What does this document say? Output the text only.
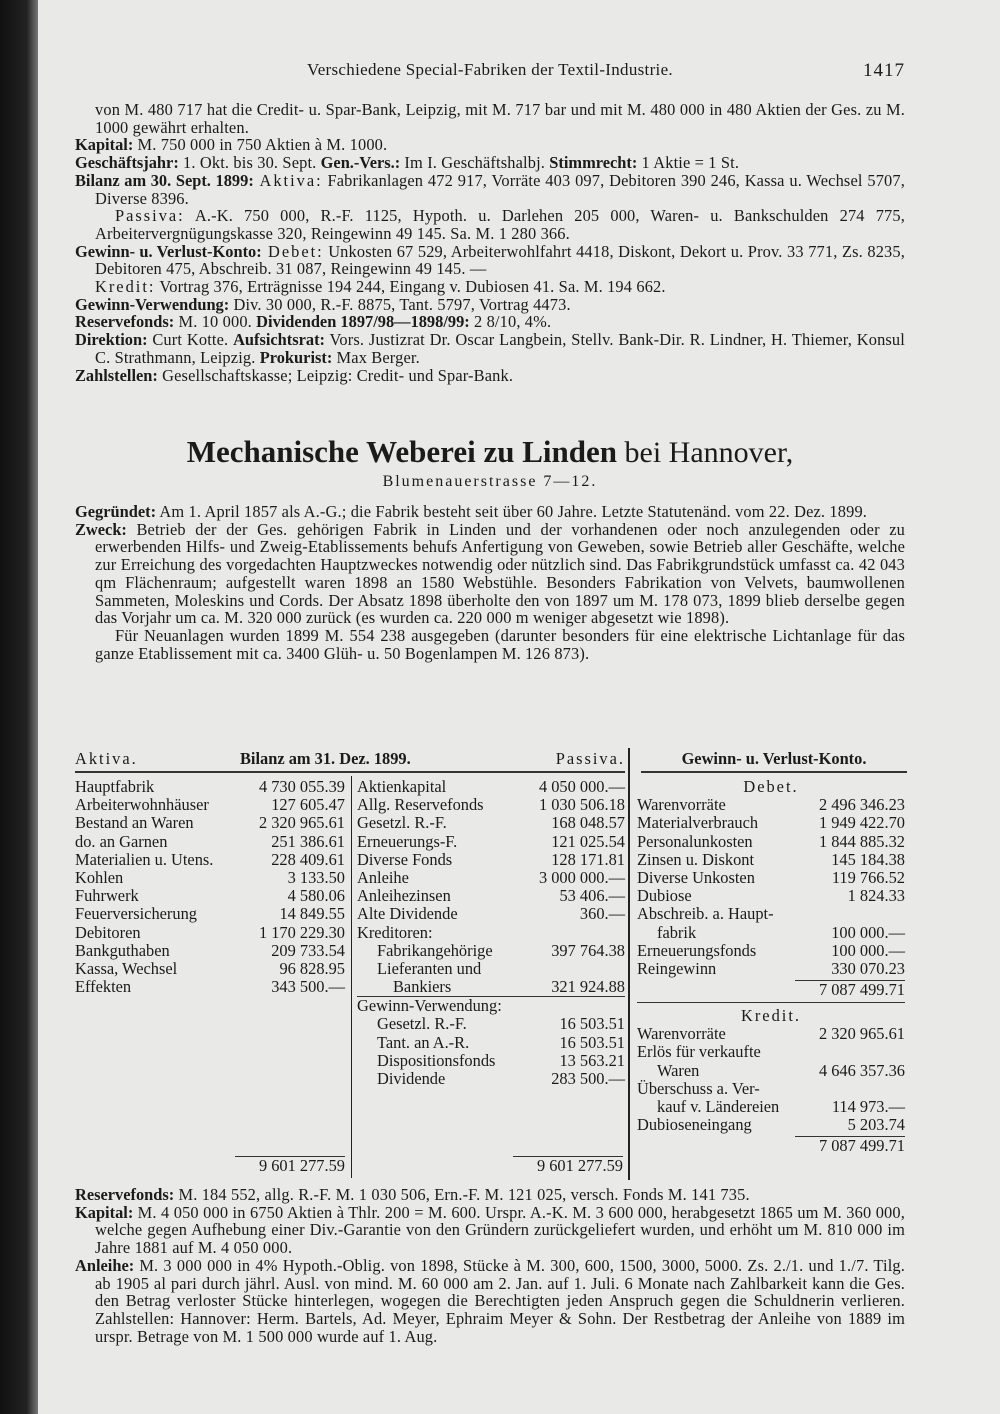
Verschiedene Special-Fabriken der Textil-Industrie.	1417

von M. 480 717 hat die Credit- u. Spar-Bank, Leipzig, mit M. 717 bar und mit M. 480 000 in 480 Aktien der Ges. zu M. 1000 gewährt erhalten.

Kapital: M. 750 000 in 750 Aktien à M. 1000.

Geschäftsjahr: 1. Okt. bis 30. Sept. Gen.-Vers.: Im I. Geschäftshalbj. Stimmrecht: 1 Aktie = 1 St.

Bilanz am 30. Sept. 1899: Aktiva: Fabrikanlagen 472 917, Vorräte 403 097, Debitoren 390 246, Kassa u. Wechsel 5707, Diverse 8396.

Passiva: A.-K. 750 000, R.-F. 1125, Hypoth. u. Darlehen 205 000, Waren- u. Bankschulden 274 775, Arbeitervergnügungskasse 320, Reingewinn 49 145. Sa. M. 1 280 366.

Gewinn- u. Verlust-Konto: Debet: Unkosten 67 529, Arbeiterwohlfahrt 4418, Diskont, Dekort u. Prov. 33 771, Zs. 8235, Debitoren 475, Abschreib. 31 087, Reingewinn 49 145. —

Kredit: Vortrag 376, Erträgnisse 194 244, Eingang v. Dubiosen 41. Sa. M. 194 662.

Gewinn-Verwendung: Div. 30 000, R.-F. 8875, Tant. 5797, Vortrag 4473.

Reservefonds: M. 10 000. Dividenden 1897/98—1898/99: 2 8/10, 4%.

Direktion: Curt Kotte. Aufsichtsrat: Vors. Justizrat Dr. Oscar Langbein, Stellv. Bank-Dir. R. Lindner, H. Thiemer, Konsul C. Strathmann, Leipzig. Prokurist: Max Berger.

Zahlstellen: Gesellschaftskasse; Leipzig: Credit- und Spar-Bank.

Mechanische Weberei zu Linden bei Hannover,
Blumenauerstrasse 7—12.

Gegründet: Am 1. April 1857 als A.-G.; die Fabrik besteht seit über 60 Jahre. Letzte Statutenänd. vom 22. Dez. 1899.

Zweck: Betrieb der der Ges. gehörigen Fabrik in Linden und der vorhandenen oder noch anzulegenden oder zu erwerbenden Hilfs- und Zweig-Etablissements behufs Anfertigung von Geweben, sowie Betrieb aller Geschäfte, welche zur Erreichung des vorgedachten Hauptzweckes notwendig oder nützlich sind. Das Fabrikgrundstück umfasst ca. 42 043 qm Flächenraum; aufgestellt waren 1898 an 1580 Webstühle. Besonders Fabrikation von Velvets, baumwollenen Sammeten, Moleskins und Cords. Der Absatz 1898 überholte den von 1897 um M. 178 073, 1899 blieb derselbe gegen das Vorjahr um ca. M. 320 000 zurück (es wurden ca. 220 000 m weniger abgesetzt wie 1898).

Für Neuanlagen wurden 1899 M. 554 238 ausgegeben (darunter besonders für eine elektrische Lichtanlage für das ganze Etablissement mit ca. 3400 Glüh- u. 50 Bogenlampen M. 126 873).

Aktiva.	Bilanz am 31. Dez. 1899.	Passiva.	Gewinn- u. Verlust-Konto.
Hauptfabrik	4 730 055.39
Arbeiterwohnhäuser	127 605.47
Bestand an Waren	2 320 965.61
do. an Garnen	251 386.61
Materialien u. Utens.	228 409.61
Kohlen	3 133.50
Fuhrwerk	4 580.06
Feuerversicherung	14 849.55
Debitoren	1 170 229.30
Bankguthaben	209 733.54
Kassa, Wechsel	96 828.95
Effekten	343 500.—
Aktienkapital	4 050 000.—
Allg. Reservefonds	1 030 506.18
Gesetzl. R.-F.	168 048.57
Erneuerungs-F.	121 025.54
Diverse Fonds	128 171.81
Anleihe	3 000 000.—
Anleihezinsen	53 406.—
Alte Dividende	360.—
Kreditoren:
Fabrikangehörige	397 764.38
Lieferanten und
Bankiers	321 924.88
Gewinn-Verwendung:
Gesetzl. R.-F.	16 503.51
Tant. an A.-R.	16 503.51
Dispositionsfonds	13 563.21
Dividende	283 500.—
Debet.
Warenvorräte	2 496 346.23
Materialverbrauch	1 949 422.70
Personalunkosten	1 844 885.32
Zinsen u. Diskont	145 184.38
Diverse Unkosten	119 766.52
Dubiose	1 824.33
Abschreib. a. Haupt-
fabrik	100 000.—
Erneuerungsfonds	100 000.—
Reingewinn	330 070.23
7 087 499.71
Kredit.
Warenvorräte	2 320 965.61
Erlös für verkaufte
Waren	4 646 357.36
Überschuss a. Ver-
kauf v. Ländereien	114 973.—
Dubioseneingang	5 203.74
7 087 499.71
9 601 277.59	9 601 277.59

Reservefonds: M. 184 552, allg. R.-F. M. 1 030 506, Ern.-F. M. 121 025, versch. Fonds M. 141 735.

Kapital: M. 4 050 000 in 6750 Aktien à Thlr. 200 = M. 600. Urspr. A.-K. M. 3 600 000, herabgesetzt 1865 um M. 360 000, welche gegen Aufhebung einer Div.-Garantie von den Gründern zurückgeliefert wurden, und erhöht um M. 810 000 im Jahre 1881 auf M. 4 050 000.

Anleihe: M. 3 000 000 in 4% Hypoth.-Oblig. von 1898, Stücke à M. 300, 600, 1500, 3000, 5000. Zs. 2./1. und 1./7. Tilg. ab 1905 al pari durch jährl. Ausl. von mind. M. 60 000 am 2. Jan. auf 1. Juli. 6 Monate nach Zahlbarkeit kann die Ges. den Betrag verloster Stücke hinterlegen, wogegen die Berechtigten jeden Anspruch gegen die Schuldnerin verlieren. Zahlstellen: Hannover: Herm. Bartels, Ad. Meyer, Ephraim Meyer & Sohn. Der Restbetrag der Anleihe von 1889 im urspr. Betrage von M. 1 500 000 wurde auf 1. Aug.
